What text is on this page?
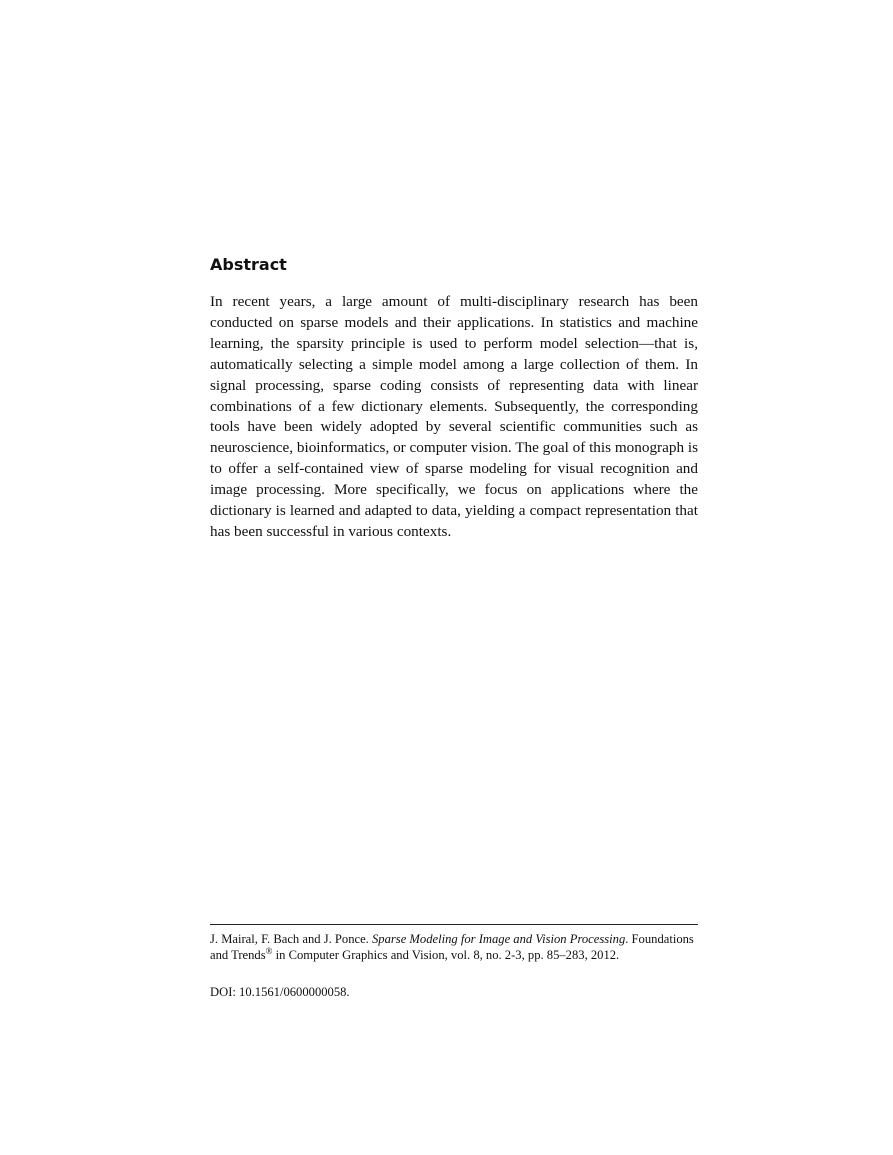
Abstract

In recent years, a large amount of multi-disciplinary research has been conducted on sparse models and their applications. In statistics and machine learning, the sparsity principle is used to perform model selection—that is, automatically selecting a simple model among a large collection of them. In signal processing, sparse coding consists of representing data with linear combinations of a few dictionary elements. Subsequently, the corresponding tools have been widely adopted by several scientific communities such as neuroscience, bioinformatics, or computer vision. The goal of this monograph is to offer a self-contained view of sparse modeling for visual recognition and image processing. More specifically, we focus on applications where the dictionary is learned and adapted to data, yielding a compact representation that has been successful in various contexts.

J. Mairal, F. Bach and J. Ponce. Sparse Modeling for Image and Vision Processing. Foundations and Trends® in Computer Graphics and Vision, vol. 8, no. 2-3, pp. 85–283, 2012.

DOI: 10.1561/0600000058.
